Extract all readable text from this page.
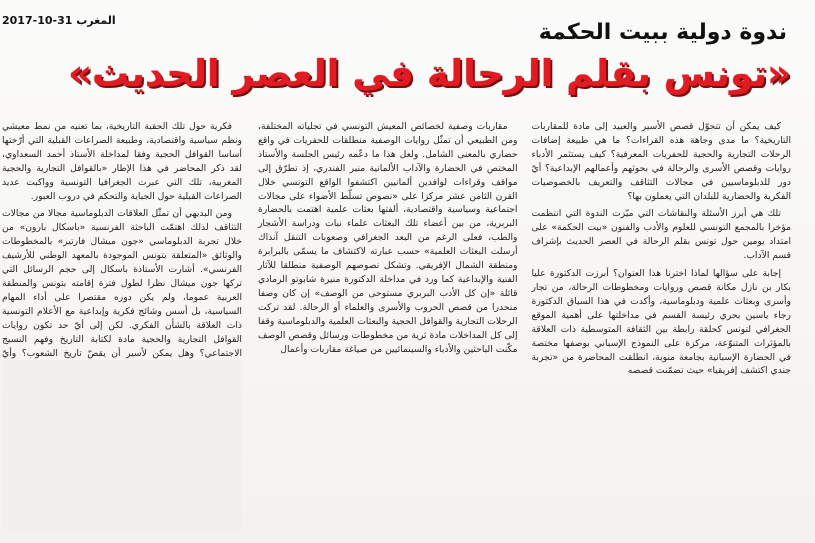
المغرب 31-10-2017	ندوة دولية ببيت الحكمة
«تونس بقلم الرحالة في العصر الحديث»

كيف يمكن أن تتحوّل قصص الأسير والعبيد إلى مادة للمقاربات التاريخية؟ ما مدى وجاهة هذه القراءات؟ ما هي طبيعة إضافات الرحلات التجارية والحجية للحفريات المعرفية؟ كيف يستثمر الأدباء روايات وقصص الأسرى والرحالة في بحوثهم وأعمالهم الإبداعية؟ أيّ دور للدبلوماسيين في مجالات التثاقف والتعريف بالخصوصيات الفكرية والحضارية للبلدان التي يعملون بها؟

تلك هي أبرز الأسئلة والنقاشات التي ميّزت الندوة التي انتظمت مؤخرا بالمجمع التونسي للعلوم والأدب والفنون «بيت الحكمة» على امتداد يومين حول تونس بقلم الرحالة في العصر الحديث بإشراف قسم الآداب.

إجابة على سؤالها لماذا اخترنا هذا العنوان؟ أبرزت الدكتورة عليا بكار بن نازل مكانة قصص وروايات ومخطوطات الرحالة، من تجار وأسرى وبعثات علمية ودبلوماسية، وأكدت في هذا السياق الدكتورة رجاء ياسين بحري رئيسة القسم في مداخلتها على أهمية الموقع الجغرافي لتونس كحلقة رابطة بين الثقافة المتوسطية ذات العلاقة بالمؤثرات المتنوّعة، مركزة على النموذج الإسباني بوصفها مختصة في الحضارة الإسبانية بجامعة منوبة، انطلقت المحاضرة من «تجربة جندي اكتشف إفريقيا» حيث تضمّنت قصصه

مقاربات وصفية لخصائص المعيش التونسي في تجلياته المختلفة، ومن الطبيعي أن تمثّل روايات الوصفية منطلقات للحفريات في واقع حضاري بالمعنى الشامل. ولعل هذا ما دعّمه رئيس الجلسة والأستاذ المختص في الحضارة والآداب الألمانية منير الفندري، إذ تطرّق إلى مواقف وقراءات لوافدين ألمانيين اكتشفوا الواقع التونسي خلال القرن الثامن عشر مركزا على «نصوص تسلّط الأضواء على مجالات اجتماعية وسياسية واقتصادية، ألفتها بعثات علمية اهتمت بالحضارة البربرية، من بين أعضاء تلك البعثات علماء نبات ودراسة الأشجار والطب، فعلى الرغم من البعد الجغرافي وصعوبات التنقل آنذاك أرسلت البعثات العلمية» حسب عبارته لاكتشاف ما يسمّى بالبرابرة ومنطقة الشمال الإفريقي. وتشكل نصوصهم الوصفية منطلقا للآثار الفنية والإبداعية كما ورد في مداخلة الدكتورة منيرة شابوتو الرمادي قائلة «إن كل الأدب البربري مستوحى من الوصف» إن كان وصفا منحدرا من قصص الحروب والأسرى والعلماء أو الرحالة. لقد تركت الرحلات التجارية والقوافل الحجية والبعثات العلمية والدبلوماسية وقفا إلى كل المداخلات مادة ثرية من مخطوطات ورسائل وقصص الوصف مكّنت الباحثين والأدباء والسينمائيين من صياغة مقاربات وأعمال

فكرية حول تلك الحقبة التاريخية، بما تعنيه من نمط معيشي ونظم سياسية واقتصادية، وطبيعة الصراعات القبلية التي أرّختها أساسا القوافل الحجية وفقا لمداخلة الأستاذ أحمد السعداوي، لقد ذكر المحاضر في هذا الإطار «بالقوافل التجارية والحجية المغربية، تلك التي عبرت الجغرافيا التونسية وواكبت عديد الصراعات القبلية حول الجباية والتحكم في دروب العبور.

ومن البديهي أن تمثّل العلاقات الدبلوماسية مجالا من مجالات التثاقف لذلك اهتمّت الباحثة الفرنسية «باسكال بارون» من خلال تجربة الدبلوماسي «جون ميشال فارتير» بالمخطوطات والوثائق «المتعلقة بتونس الموجودة بالمعهد الوطني للأرشيف الفرنسي». أشارت الأستاذة باسكال إلى حجم الرسائل التي تركها جون ميشال نظرا لطول فترة إقامته بتونس والمنطقة العربية عموما، ولم يكن دوره مقتصرا على أداء المهام السياسية، بل أسس وشائج فكرية وإبداعية مع الأعلام التونسية ذات العلاقة بالشأن الفكري. لكن إلى أيّ حد تكون روايات القوافل التجارية والحجية مادة لكتابة التاريخ وفهم النسيج الاجتماعي؟ وهل يمكن لأسير أن يقصّ تاريخ الشعوب؟ وأيّ
